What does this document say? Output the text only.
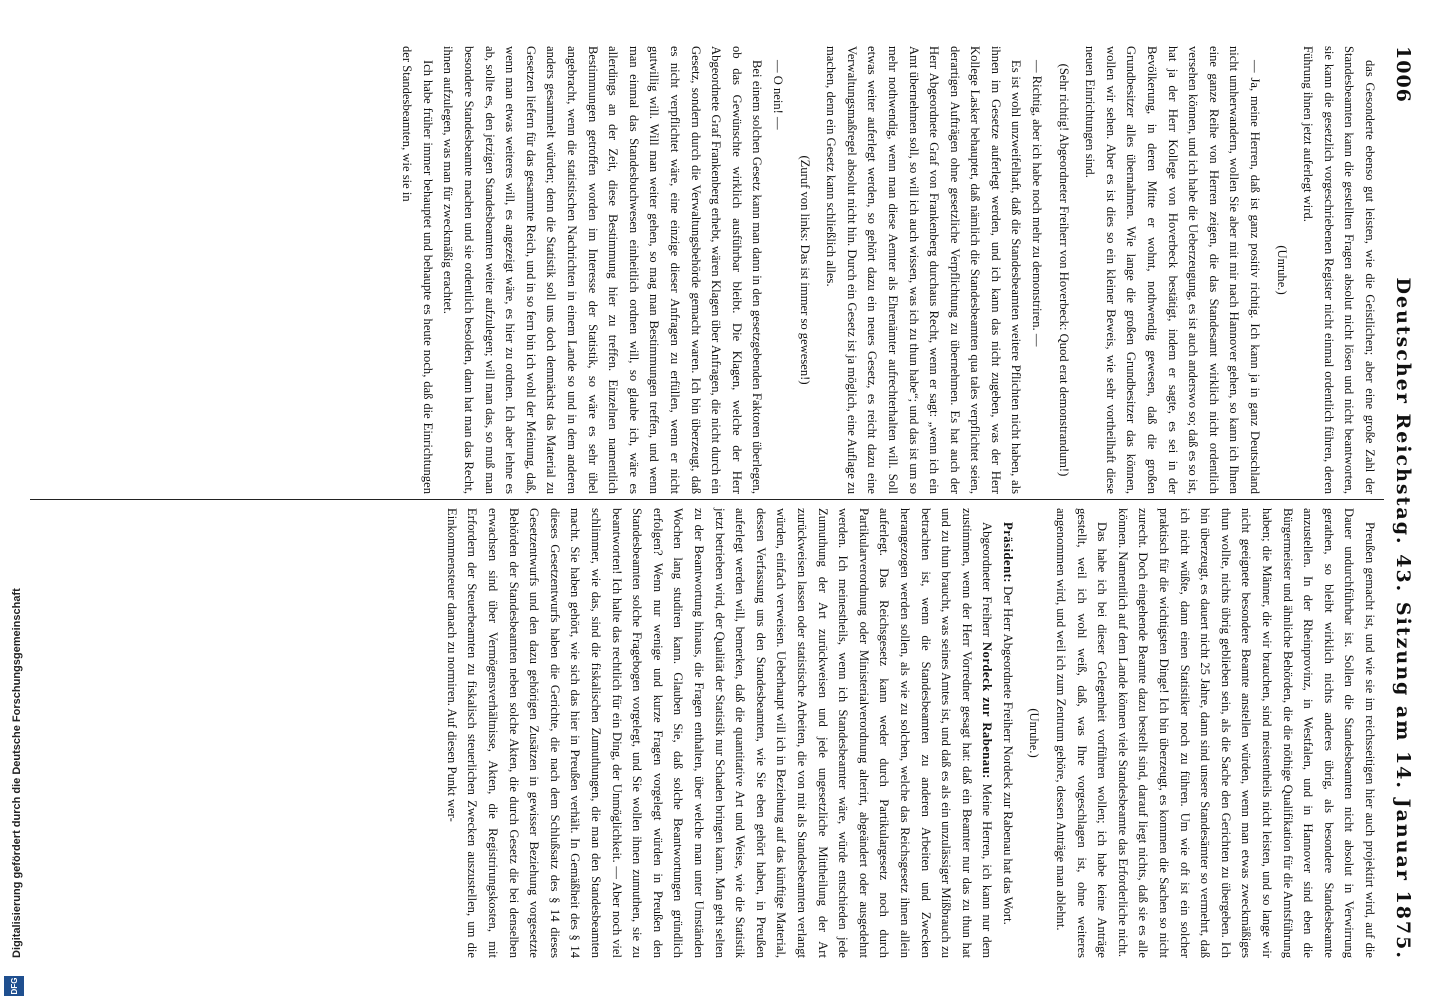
1006
Deutscher Reichstag. 43. Sitzung am 14. Januar 1875.

das Gesonderte ebenso gut leisten, wie die Geistlichen; aber eine große Zahl der Standesbeamten kann die gestellten Fragen absolut nicht lösen und nicht beantworten, sie kann die gesetzlich vorgeschriebenen Register nicht einmal ordentlich führen, deren Führung ihnen jetzt auferlegt wird.

(Unruhe.)

— Ja, meine Herren, daß ist ganz positiv richtig. Ich kann ja in ganz Deutschland nicht umherwandern, wollen Sie aber mit mir nach Hannover gehen, so kann ich Ihnen eine ganze Reihe von Herren zeigen, die das Standesamt wirklich nicht ordentlich versehen können, und ich habe die Ueberzeugung, es ist auch anderswo so; daß es so ist, hat ja der Herr Kollege von Hoverbeck bestätigt, indem er sagte, es sei in der Bevölkerung, in deren Mitte er wohnt, nothwendig gewesen, daß die großen Grundbesitzer alles übernahmen. Wie lange die großen Grundbesitzer das können, wollen wir sehen. Aber es ist dies so ein kleiner Beweis, wie sehr vortheilhaft diese neuen Einrichtungen sind.

(Sehr richtig! Abgeordneter Freiherr von Hoverbeck: Quod erat demonstrandum!)

— Richtig, aber ich habe noch mehr zu demonstriren. —

Es ist wohl unzweifelhaft, daß die Standesbeamten weitere Pflichten nicht haben, als ihnen im Gesetze auferlegt werden, und ich kann das nicht zugeben, was der Herr Kollege Lasker behauptet, daß nämlich die Standesbeamten qua tales verpflichtet seien, derartigen Aufträgen ohne gesetzliche Verpflichtung zu übernehmen. Es hat auch der Herr Abgeordnete Graf von Frankenberg durchaus Recht, wenn er sagt: „wenn ich ein Amt übernehmen soll, so will ich auch wissen, was ich zu thun habe“; und das ist um so mehr nothwendig, wenn man diese Aemter als Ehrenämter aufrechterhalten will. Soll etwas weiter auferlegt werden, so gehört dazu ein neues Gesetz, es reicht dazu eine Verwaltungsmaßregel absolut nicht hin. Durch ein Gesetz ist ja möglich, eine Auflage zu machen, denn ein Gesetz kann schließlich alles.

(Zuruf von links: Das ist immer so gewesen!)

— O nein! —

Bei einem solchen Gesetz kann man dann in den gesetzgebenden Faktoren überlegen, ob das Gewünschte wirklich ausführbar bleibt. Die Klagen, welche der Herr Abgeordnete Graf Frankenberg erhebt, wären Klagen über Anfragen, die nicht durch ein Gesetz, sondern durch die Verwaltungsbehörde gemacht waren. Ich bin überzeugt, daß es nicht verpflichtet wäre, eine einzige dieser Anfragen zu erfüllen, wenn er nicht gutwillig will. Will man weiter gehen, so mag man Bestimmungen treffen, und wenn man einmal das Standesbuchwesen einheitlich ordnen will, so glaube ich, wäre es allerdings an der Zeit, diese Bestimmung hier zu treffen. Einzelnen namentlich Bestimmungen getroffen worden im Interesse der Statistik, so wäre es sehr übel angebracht, wenn die statistischen Nachrichten in einem Lande so und in dem anderen anders gesammelt würden; denn die Statistik soll uns doch demnächst das Material zu Gesetzen liefern für das gesammte Reich, und in so fern bin ich wohl der Meinung, daß, wenn man etwas weiteres will, es angezeigt wäre, es hier zu ordnen. Ich aber lehne es ab, sollte es, den jetzigen Standesbeamten weiter aufzulegen; will man das, so muß man besondere Standesbeamte machen und sie ordentlich besolden, dann hat man das Recht, ihnen aufzulegen, was man für zweckmäßig erachtet.

Ich habe früher immer behauptet und behaupte es heute noch, daß die Einrichtungen der Standesbeamten, wie sie in

Preußen gemacht ist, und wie sie im reichsseitigen hier auch projektirt wird, auf die Dauer undurchführbar ist. Sollen die Standesbeamten nicht absolut in Verwirrung gerathen, so bleibt wirklich nichts anderes übrig, als besondere Standesbeamte anzustellen. In der Rheinprovinz, in Westfalen, und in Hannover sind eben die Bürgermeister und ähnliche Behörden, die die nöthige Qualifikation für die Amtsführung haben; die Männer, die wir brauchen, sind meistentheils nicht leisten, und so lange wir nicht geeignete besondere Beamte anstellen würden, wenn man etwas zweckmäßiges thun wollte, nichts übrig geblieben sein, als die Sache den Gerichten zu übergeben. Ich bin überzeugt, es dauert nicht 25 Jahre, dann sind unsere Standesämter so vermehrt, daß ich nicht wüßte, dann einen Statistiker noch zu führen. Um wie oft ist ein solcher praktisch für die wichtigsten Dinge! Ich bin überzeugt, es kommen die Sachen so nicht zurecht. Doch eingehende Beamte dazu bestellt sind, darauf liegt nichts, daß sie es alle können. Namentlich auf dem Lande können viele Standesbeamte das Erforderliche nicht.

Das habe ich bei dieser Gelegenheit vorführen wollen; ich habe keine Anträge gestellt, weil ich wohl weiß, daß, was Ihre vorgeschlagen ist, ohne weiteres angenommen wird, und weil ich zum Zentrum gehöre, dessen Anträge man ablehnt.

(Unruhe.)

Präsident: Der Herr Abgeordnete Freiherr Nordeck zur Rabenau hat das Wort.

Abgeordneter Freiherr Nordeck zur Rabenau: Meine Herren, ich kann nur dem zustimmen, wenn der Herr Vorredner gesagt hat: daß ein Beamter nur das zu thun hat und zu thun braucht, was seines Amtes ist, und daß es als ein unzulässiger Mißbrauch zu betrachten ist, wenn die Standesbeamten zu anderen Arbeiten und Zwecken herangezogen werden sollen, als wie zu solchen, welche das Reichsgesetz ihnen allein auferlegt. Das Reichsgesetz kann weder durch Partikulargesetz noch durch Partikularverordnung oder Ministerialverordnung alterirt, abgeändert oder ausgedehnt werden. Ich meinestheils, wenn ich Standesbeamter wäre, würde entschieden jede Zumuthung der Art zurückweisen und jede ungesetzliche Mittheilung der Art zurückweisen lassen oder statistische Arbeiten, die von mit als Standesbeamten verlangt würden, einfach verweisen. Ueberhaupt will ich in Beziehung auf das künftige Material, dessen Verfassung uns den Standesbeamten, wie Sie eben gehört haben, in Preußen auferlegt werden will, bemerken, daß die quantitative Art und Weise, wie die Statistik jetzt betrieben wird, der Qualität der Statistik nur Schaden bringen kann. Man geht selten zu der Beantwortung hinaus, die Fragen enthalten, über welche man unter Umständen Wochen lang studiren kann. Glauben Sie, daß solche Beantwortungen gründlich erfolgen? Wenn nur wenige und kurze Fragen vorgelegt würden in Preußen den Standesbeamten solche Fragebogen vorgelegt, und Sie wollen ihnen zumuthen, sie zu beantworten! Ich halte das rechtlich für ein Ding, der Unmöglichkeit. — Aber noch viel schlimmer, wie das, sind die fiskalischen Zumuthungen, die man den Standesbeamten macht. Sie haben gehört, wie sich das hier in Preußen verhält. In Gemäßheit des § 14 dieses Gesetzentwurfs haben die Gerichte, die nach dem Schlußsatz des § 14 dieses Gesetzentwurfs und den dazu gehörigen Zusätzen in gewisser Beziehung vorgesetzte Behörden der Standesbeamten neben solche Akten, die durch Gesetz die bei denselben erwachsen sind über Vermögensverhältnisse, Akten, die Registrirungskosten, mit Erfordern der Steuerbeamten zu fiskalisch steuerlichen Zwecken auszustellen, um die Einkommensteuer danach zu normiren. Auf diesen Punkt wer-

Digitalisierung gefördert durch die Deutsche Forschungsgemeinschaft
DFG
